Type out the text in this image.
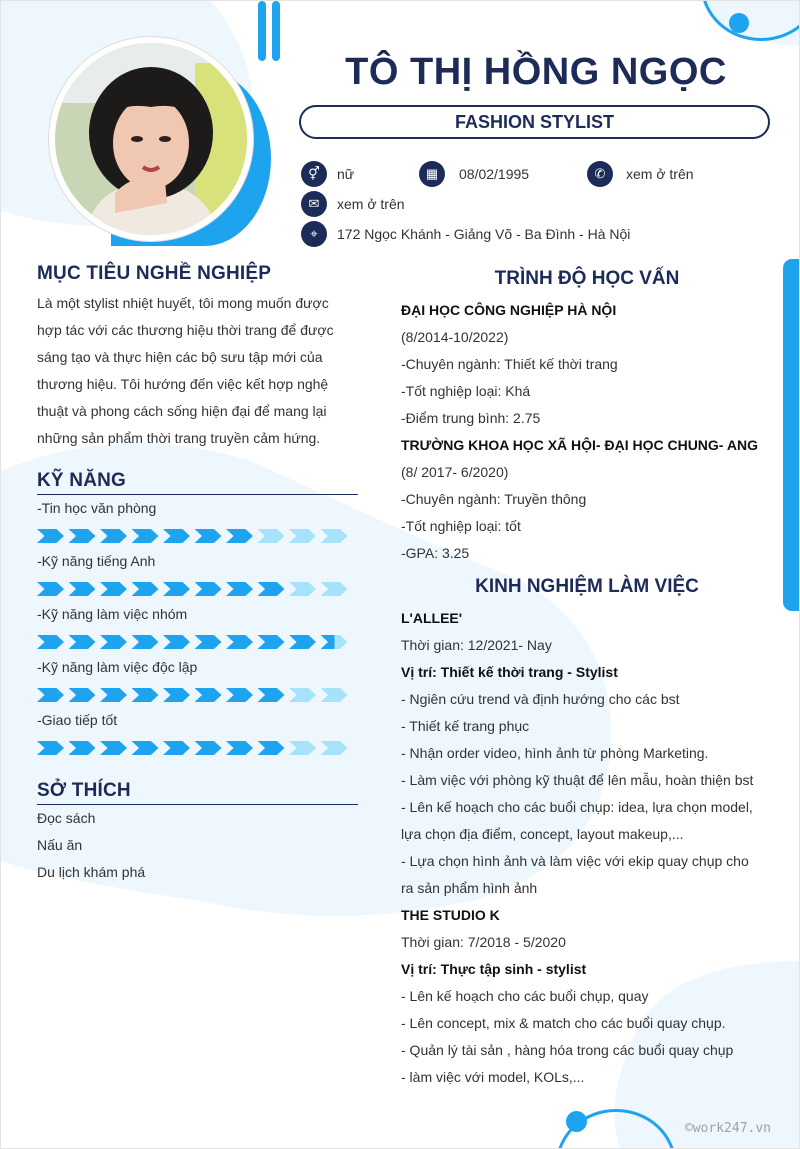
TÔ THỊ HỒNG NGỌC
FASHION STYLIST
⚥	nữ	▦	08/02/1995	✆	xem ở trên
✉	xem ở trên
⌖	172 Ngọc Khánh - Giảng Võ - Ba Đình - Hà Nội
MỤC TIÊU NGHỀ NGHIỆP
Là một stylist nhiệt huyết, tôi mong muốn được
hợp tác với các thương hiệu thời trang để được
sáng tạo và thực hiện các bộ sưu tập mới của
thương hiệu. Tôi hướng đến việc kết hợp nghệ
thuật và phong cách sống hiện đại để mang lại
những sản phẩm thời trang truyền cảm hứng.
KỸ NĂNG
-Tin học văn phòng
-Kỹ năng tiếng Anh
-Kỹ năng làm việc nhóm
-Kỹ năng làm việc độc lập
-Giao tiếp tốt
SỞ THÍCH
Đọc sách
Nấu ăn
Du lịch khám phá
TRÌNH ĐỘ HỌC VẤN
ĐẠI HỌC CÔNG NGHIỆP HÀ NỘI
(8/2014-10/2022)
-Chuyên ngành: Thiết kế thời trang
-Tốt nghiệp loại: Khá
-Điểm trung bình: 2.75
TRƯỜNG KHOA HỌC XÃ HỘI- ĐẠI HỌC CHUNG- ANG
(8/ 2017- 6/2020)
-Chuyên ngành: Truyền thông
-Tốt nghiệp loại: tốt
-GPA: 3.25
KINH NGHIỆM LÀM VIỆC
L'ALLEE'
Thời gian: 12/2021- Nay
Vị trí: Thiết kế thời trang - Stylist
- Ngiên cứu trend và định hướng cho các bst
- Thiết kế trang phục
- Nhận order video, hình ảnh từ phòng Marketing.
- Làm việc với phòng kỹ thuật để lên mẫu, hoàn thiện bst
- Lên kế hoạch cho các buổi chụp: idea, lựa chọn model,
lựa chọn địa điểm, concept, layout makeup,...
- Lựa chọn hình ảnh và làm việc với ekip quay chụp cho
ra sản phẩm hình ảnh
THE STUDIO K
Thời gian: 7/2018 - 5/2020
Vị trí: Thực tập sinh - stylist
- Lên kế hoạch cho các buổi chụp, quay
- Lên concept, mix & match cho các buổi quay chụp.
- Quản lý tài sản , hàng hóa trong các buổi quay chụp
- làm việc với model, KOLs,...
©work247.vn
